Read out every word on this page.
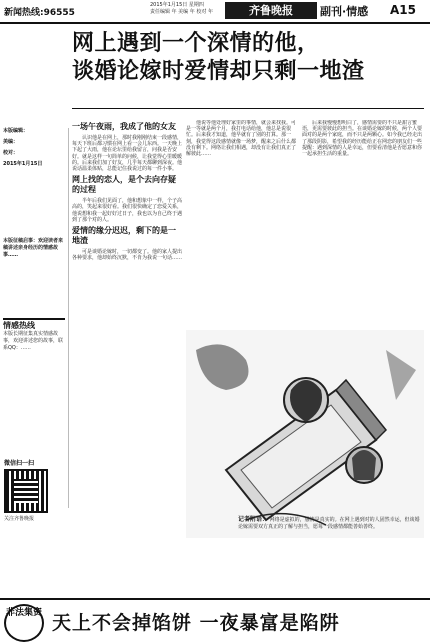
新闻热线:96555
2015年1月15日 星期四
责任编辑 年 美编 年 校对 年	齐鲁晚报	副刊·情感 A15
网上遇到一个深情的他，
谈婚论嫁时爱情却只剩一地渣
本版编辑：
美编：
校对：
2015年1月15日
本版征稿启事：欢迎读者来稿讲述亲身经历的情感故事……
情感热线

本版长期征集真实情感故事，欢迎讲述您的故事，联系QQ：……

微信扫一扫
关注齐鲁晚报
一场午夜雨，我成了他的女友

认识他是在网上，那时我刚刚结束一段感情，每天下班后都习惯在网上看一会儿东西。一天晚上下起了大雨，他在论坛里给我留言，问我是否安好。就是这样一句简单的问候，让我觉得心里暖暖的。后来我们加了好友，几乎每天都聊到深夜。他说话温柔体贴，总能记住我说过的每一件小事。

网上找的恋人，是个去向存疑的过程

半年后我们见面了，他和想象中一样，个子高高的，笑起来很好看。我们很快确定了恋爱关系，他说想和我一起好好过日子，我也以为自己终于遇到了那个对的人。

爱情的缘分迟迟，剩下的是一地渣

可是谈婚论嫁时，一切都变了。他的家人提出各种要求，他却始终沉默，不肯为我说一句话……

他说等他处理好家里的事情，就会来找我。可是一等就是两个月，我打电话给他，他总是说很忙。后来我才知道，他早就有了别的打算。那一刻，我觉得这段感情就像一场梦，醒来之后什么都没有剩下。网络让我们相遇，却没有让我们真正了解彼此……

后来我慢慢想明白了，感情需要的不只是甜言蜜语，更需要彼此的担当。在谈婚论嫁的时候，两个人要面对的是两个家庭，而不只是两颗心。如今我已经走出了那段阴影，希望我的经历能给正在网恋的朋友们一些提醒：遇到深情的人是幸运，但要看清他是否愿意和你一起承担生活的重量。

记者附语： 网络是虚拟的，感情是真实的。在网上遇到对的人固然幸运，但谈婚论嫁需要双方真正的了解与担当，愿每一段感情都能善始善终。
非法集资 天上不会掉馅饼 一夜暴富是陷阱
